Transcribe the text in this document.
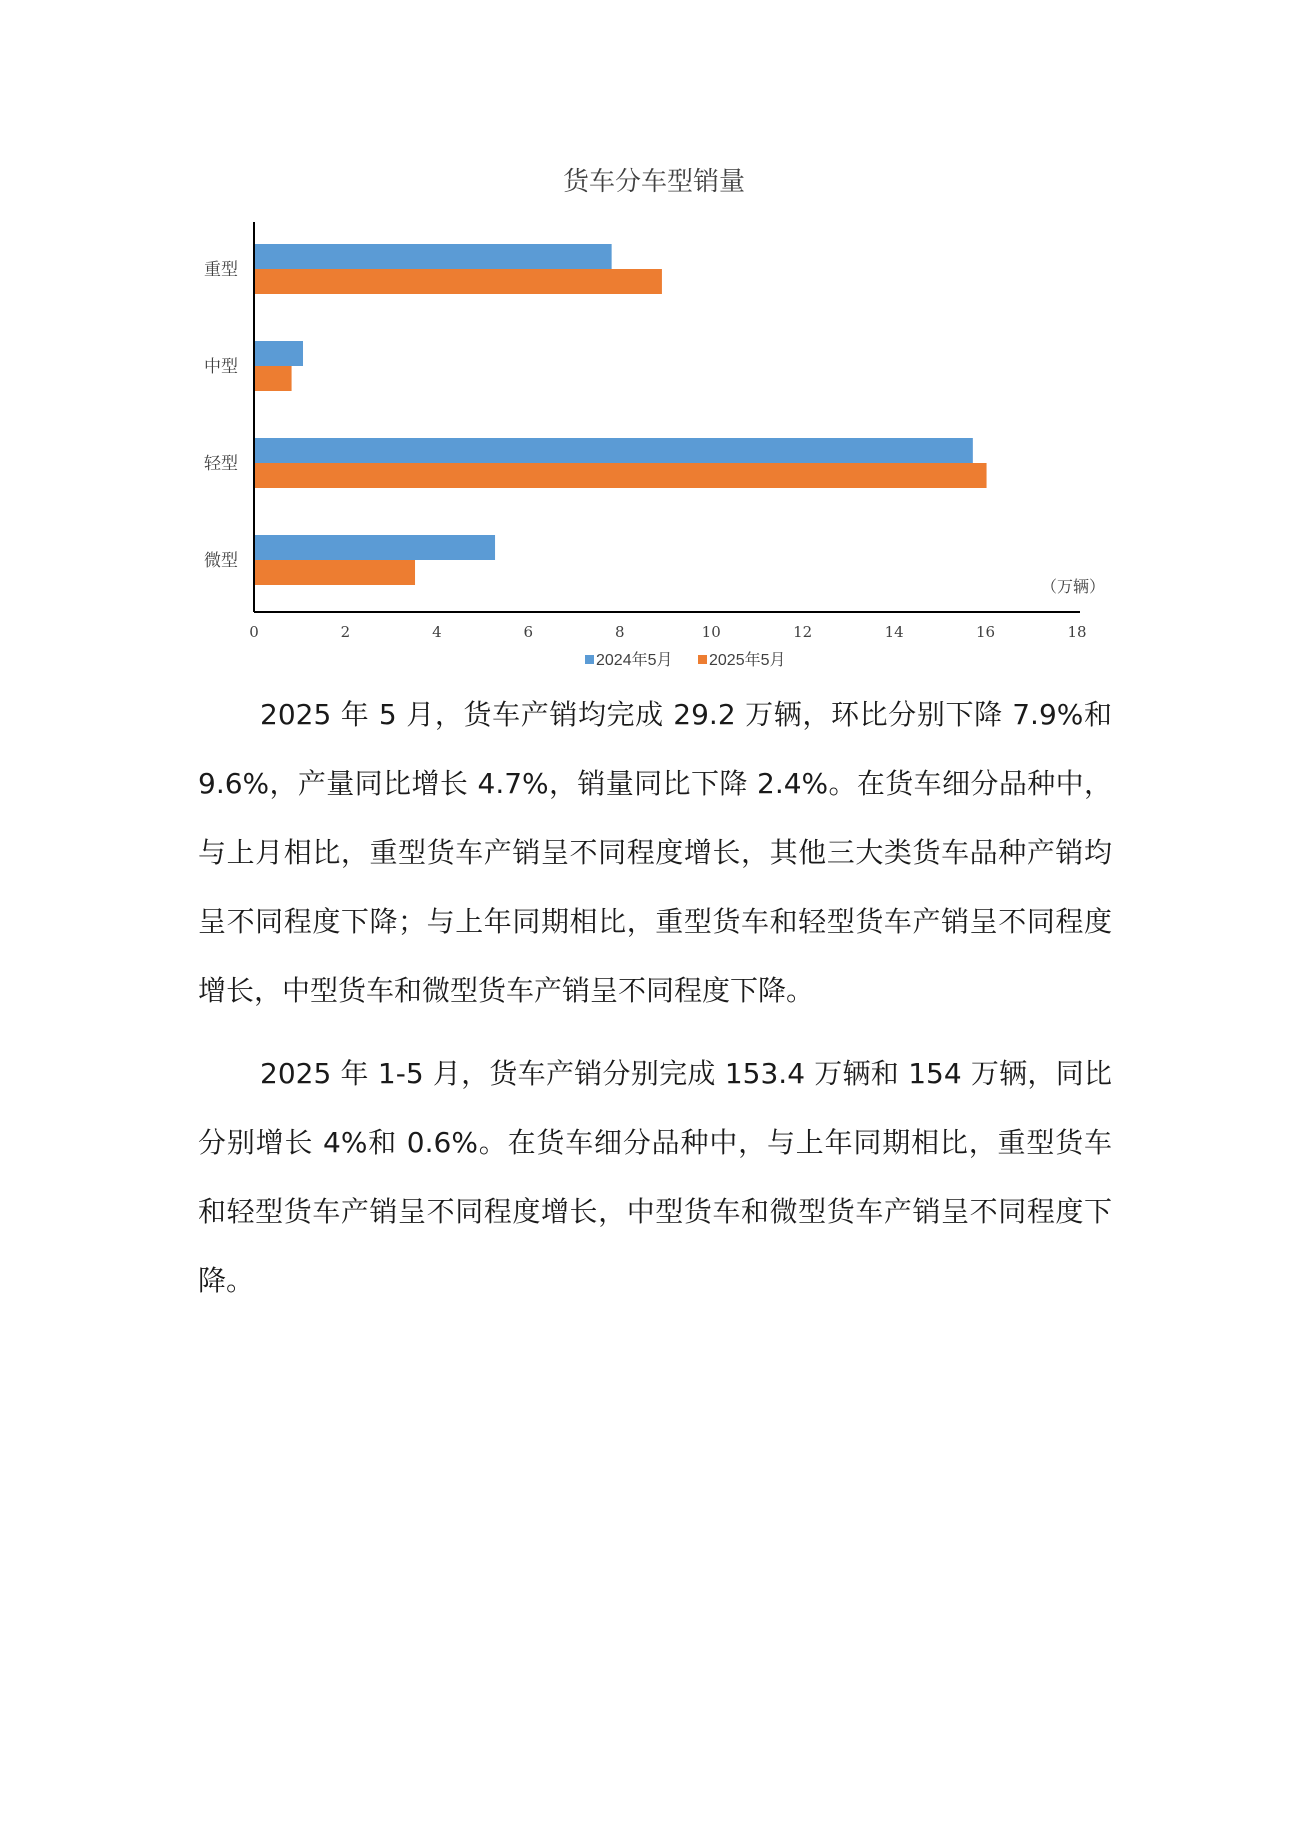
货车分车型销量
重型
中型
轻型
微型
0	2	4	6	8	10	12	14	16	18
（万辆）
2024年5月 2025年5月

2025 年 5 月，货车产销均完成 29.2 万辆，环比分别下降 7.9%和 9.6%，产量同比增长 4.7%，销量同比下降 2.4%。在货车细分品种中，与上月相比，重型货车产销呈不同程度增长，其他三大类货车品种产销均呈不同程度下降；与上年同期相比，重型货车和轻型货车产销呈不同程度增长，中型货车和微型货车产销呈不同程度下降。

2025 年 1-5 月，货车产销分别完成 153.4 万辆和 154 万辆，同比分别增长 4%和 0.6%。在货车细分品种中，与上年同期相比，重型货车和轻型货车产销呈不同程度增长，中型货车和微型货车产销呈不同程度下降。
